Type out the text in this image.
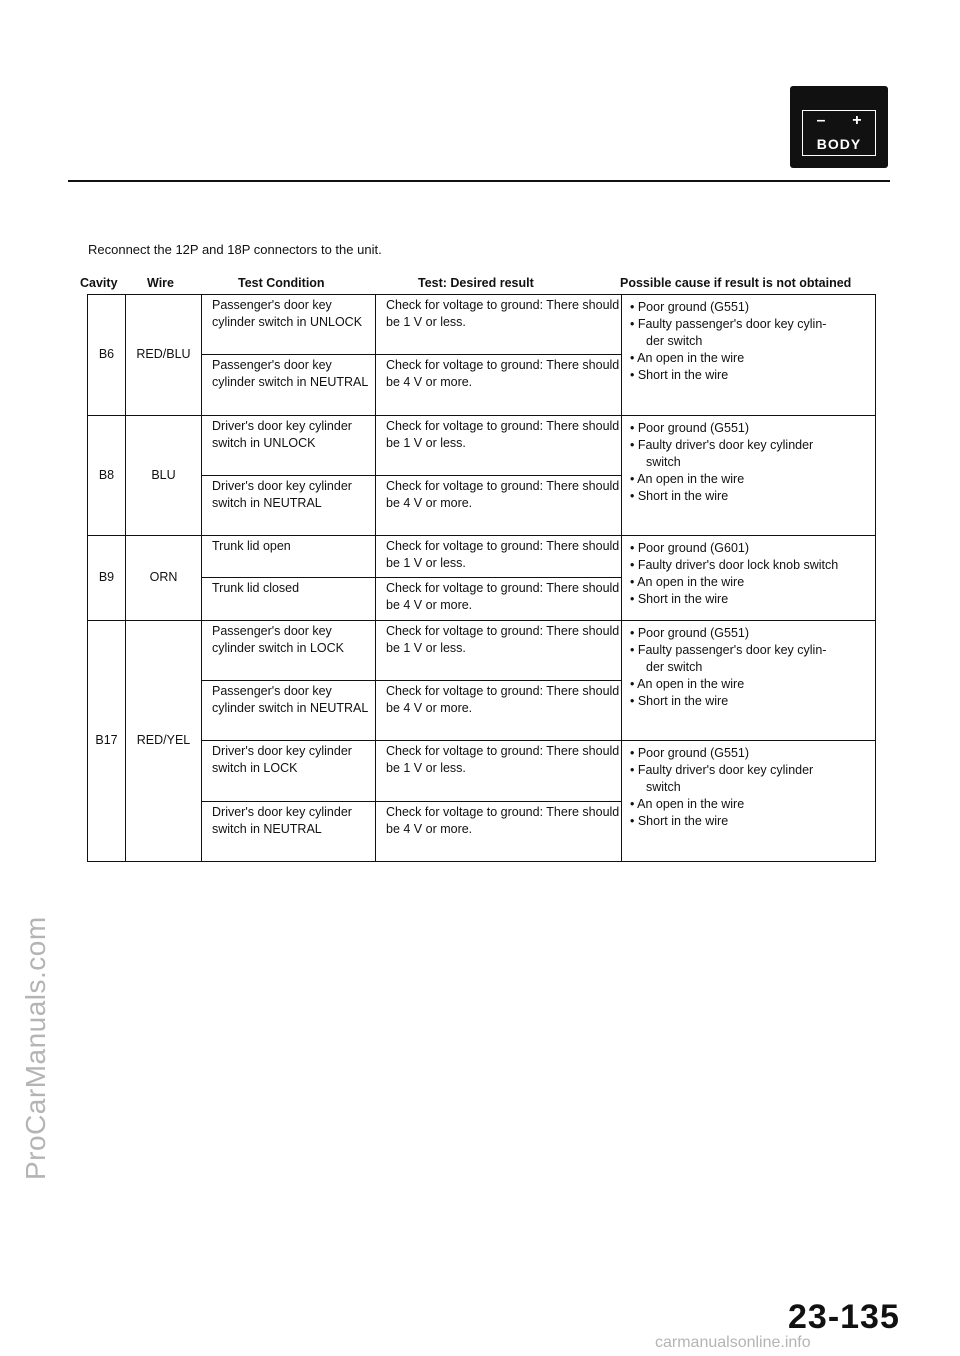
ProCarManuals.com
– +
BODY
Reconnect the 12P and 18P connectors to the unit.
Cavity Wire	Test Condition	Test: Desired result	Possible cause if result is not obtained
B6	RED/BLU	Passenger's door key cylinder switch in UNLOCK	Check for voltage to ground: There should be 1 V or less.	• Poor ground (G551)
• Faulty passenger's door key cylin-
der switch
• An open in the wire
• Short in the wire

		Passenger's door key cylinder switch in NEUTRAL	Check for voltage to ground: There should be 4 V or more.	
B8	BLU	Driver's door key cylinder switch in UNLOCK	Check for voltage to ground: There should be 1 V or less.	• Poor ground (G551)
• Faulty driver's door key cylinder
switch
• An open in the wire
• Short in the wire

		Driver's door key cylinder switch in NEUTRAL	Check for voltage to ground: There should be 4 V or more.	
B9	ORN	Trunk lid open	Check for voltage to ground: There should be 1 V or less.	• Poor ground (G601)
• Faulty driver's door lock knob switch
• An open in the wire
• Short in the wire

		Trunk lid closed	Check for voltage to ground: There should be 4 V or more.	
B17	RED/YEL	Passenger's door key cylinder switch in LOCK	Check for voltage to ground: There should be 1 V or less.	• Poor ground (G551)
• Faulty passenger's door key cylin-
der switch
• An open in the wire
• Short in the wire

		Passenger's door key cylinder switch in NEUTRAL	Check for voltage to ground: There should be 4 V or more.	
		Driver's door key cylinder switch in LOCK	Check for voltage to ground: There should be 1 V or less.	• Poor ground (G551)
• Faulty driver's door key cylinder
switch
• An open in the wire
• Short in the wire

		Driver's door key cylinder switch in NEUTRAL	Check for voltage to ground: There should be 4 V or more.	
23-135
carmanualsonline.info
